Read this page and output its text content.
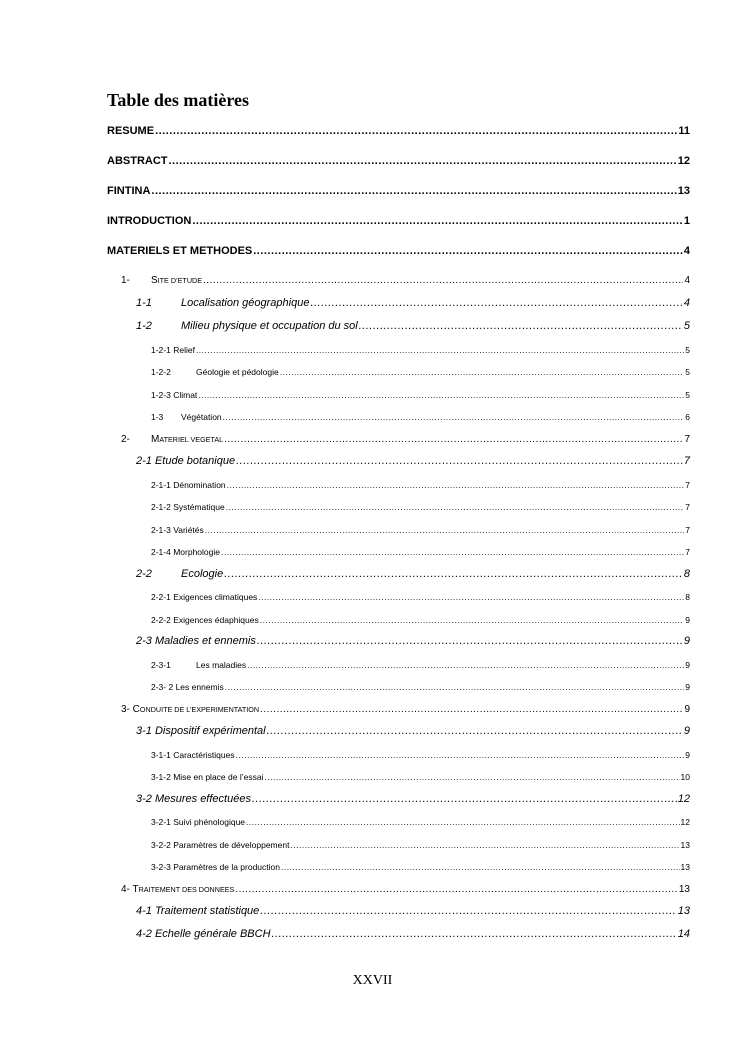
Table des matières
RESUME .....	11
ABSTRACT .....	12
FINTINA .....	13
INTRODUCTION .....	1
MATERIELS ET METHODES .....	4
1-	SITE D’ETUDE .....	4
1-1	Localisation géographique .....	4
1-2	Milieu physique et occupation du sol .....	5
1-2-1 Relief .....	5
1-2-2	Géologie et pédologie .....	5
1-2-3 Climat .....	5
1-3	Végétation .....	6
2-	MATERIEL VEGETAL .....	7
2-1 Etude botanique .....	7
2-1-1 Dénomination .....	7
2-1-2 Systématique .....	7
2-1-3 Variétés .....	7
2-1-4 Morphologie .....	7
2-2	Ecologie .....	8
2-2-1 Exigences climatiques .....	8
2-2-2 Exigences édaphiques .....	9
2-3 Maladies et ennemis .....	9
2-3-1	Les maladies .....	9
2-3- 2 Les ennemis .....	9
3- CONDUITE DE L’EXPERIMENTATION .....	9
3-1 Dispositif expérimental .....	9
3-1-1 Caractéristiques .....	9
3-1-2 Mise en place de l’essai .....	10
3-2 Mesures effectuées .....	12
3-2-1 Suivi phénologique .....	12
3-2-2 Paramètres de développement .....	13
3-2-3 Paramètres de la production .....	13
4- TRAITEMENT DES DONNEES .....	13
4-1 Traitement statistique .....	13
4-2 Echelle générale BBCH .....	14
XXVII
